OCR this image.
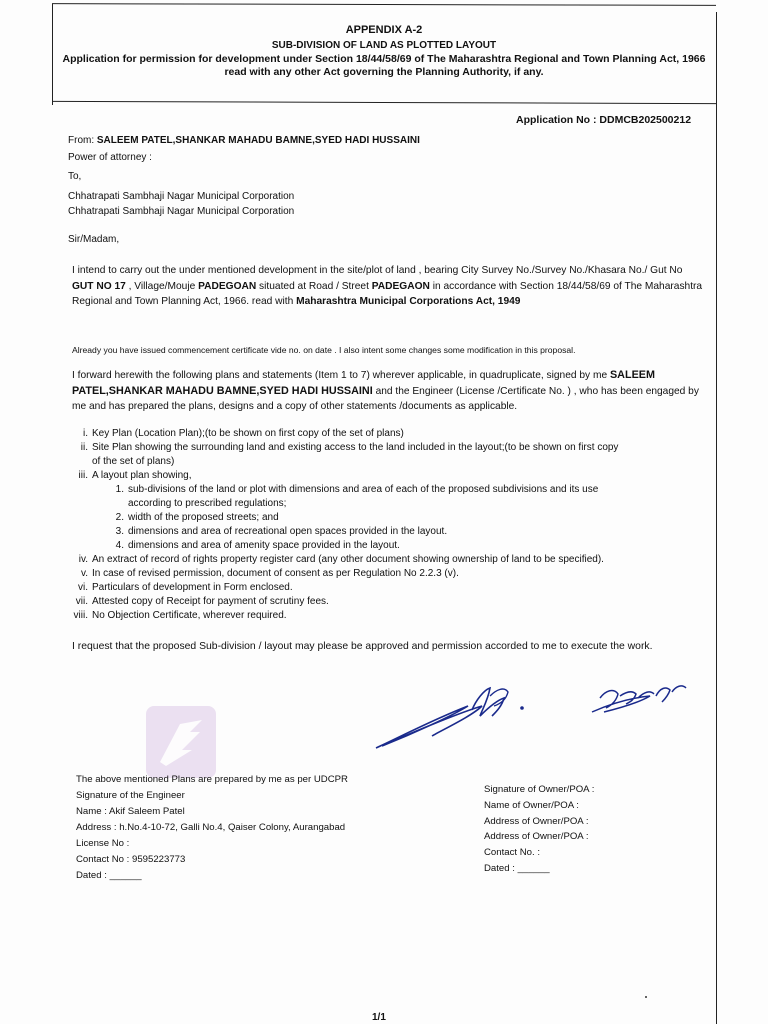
APPENDIX A-2
SUB-DIVISION OF LAND AS PLOTTED LAYOUT
Application for permission for development under Section 18/44/58/69 of The Maharashtra Regional and Town Planning Act, 1966 read with any other Act governing the Planning Authority, if any.
Application No : DDMCB202500212
From: SALEEM PATEL,SHANKAR MAHADU BAMNE,SYED HADI HUSSAINI
Power of attorney :
To,
Chhatrapati Sambhaji Nagar Municipal Corporation
Chhatrapati Sambhaji Nagar Municipal Corporation
Sir/Madam,
I intend to carry out the under mentioned development in the site/plot of land , bearing City Survey No./Survey No./Khasara No./ Gut No GUT NO 17 , Village/Mouje PADEGOAN situated at Road / Street PADEGAON in accordance with Section 18/44/58/69 of The Maharashtra Regional and Town Planning Act, 1966. read with Maharashtra Municipal Corporations Act, 1949
Already you have issued commencement certificate vide no. on date . I also intent some changes some modification in this proposal.
I forward herewith the following plans and statements (Item 1 to 7) wherever applicable, in quadruplicate, signed by me SALEEM PATEL,SHANKAR MAHADU BAMNE,SYED HADI HUSSAINI and the Engineer (License /Certificate No. ) , who has been engaged by me and has prepared the plans, designs and a copy of other statements /documents as applicable.
i. Key Plan (Location Plan);(to be shown on first copy of the set of plans)
ii. Site Plan showing the surrounding land and existing access to the land included in the layout;(to be shown on first copy
of the set of plans)
iii. A layout plan showing,
1. sub-divisions of the land or plot with dimensions and area of each of the proposed subdivisions and its use
according to prescribed regulations;
2. width of the proposed streets; and
3. dimensions and area of recreational open spaces provided in the layout.
4. dimensions and area of amenity space provided in the layout.
iv. An extract of record of rights property register card (any other document showing ownership of land to be specified).
v. In case of revised permission, document of consent as per Regulation No 2.2.3 (v).
vi. Particulars of development in Form enclosed.
vii. Attested copy of Receipt for payment of scrutiny fees.
viii. No Objection Certificate, wherever required.
I request that the proposed Sub-division / layout may please be approved and permission accorded to me to execute the work.
The above mentioned Plans are prepared by me as per UDCPR
Signature of the Engineer
Name : Akif Saleem Patel
Address : h.No.4-10-72, Galli No.4, Qaiser Colony, Aurangabad
License No :
Contact No : 9595223773
Dated : ______
Signature of Owner/POA :
Name of Owner/POA :
Address of Owner/POA :
Address of Owner/POA :
Contact No. :
Dated : ______
1/1
